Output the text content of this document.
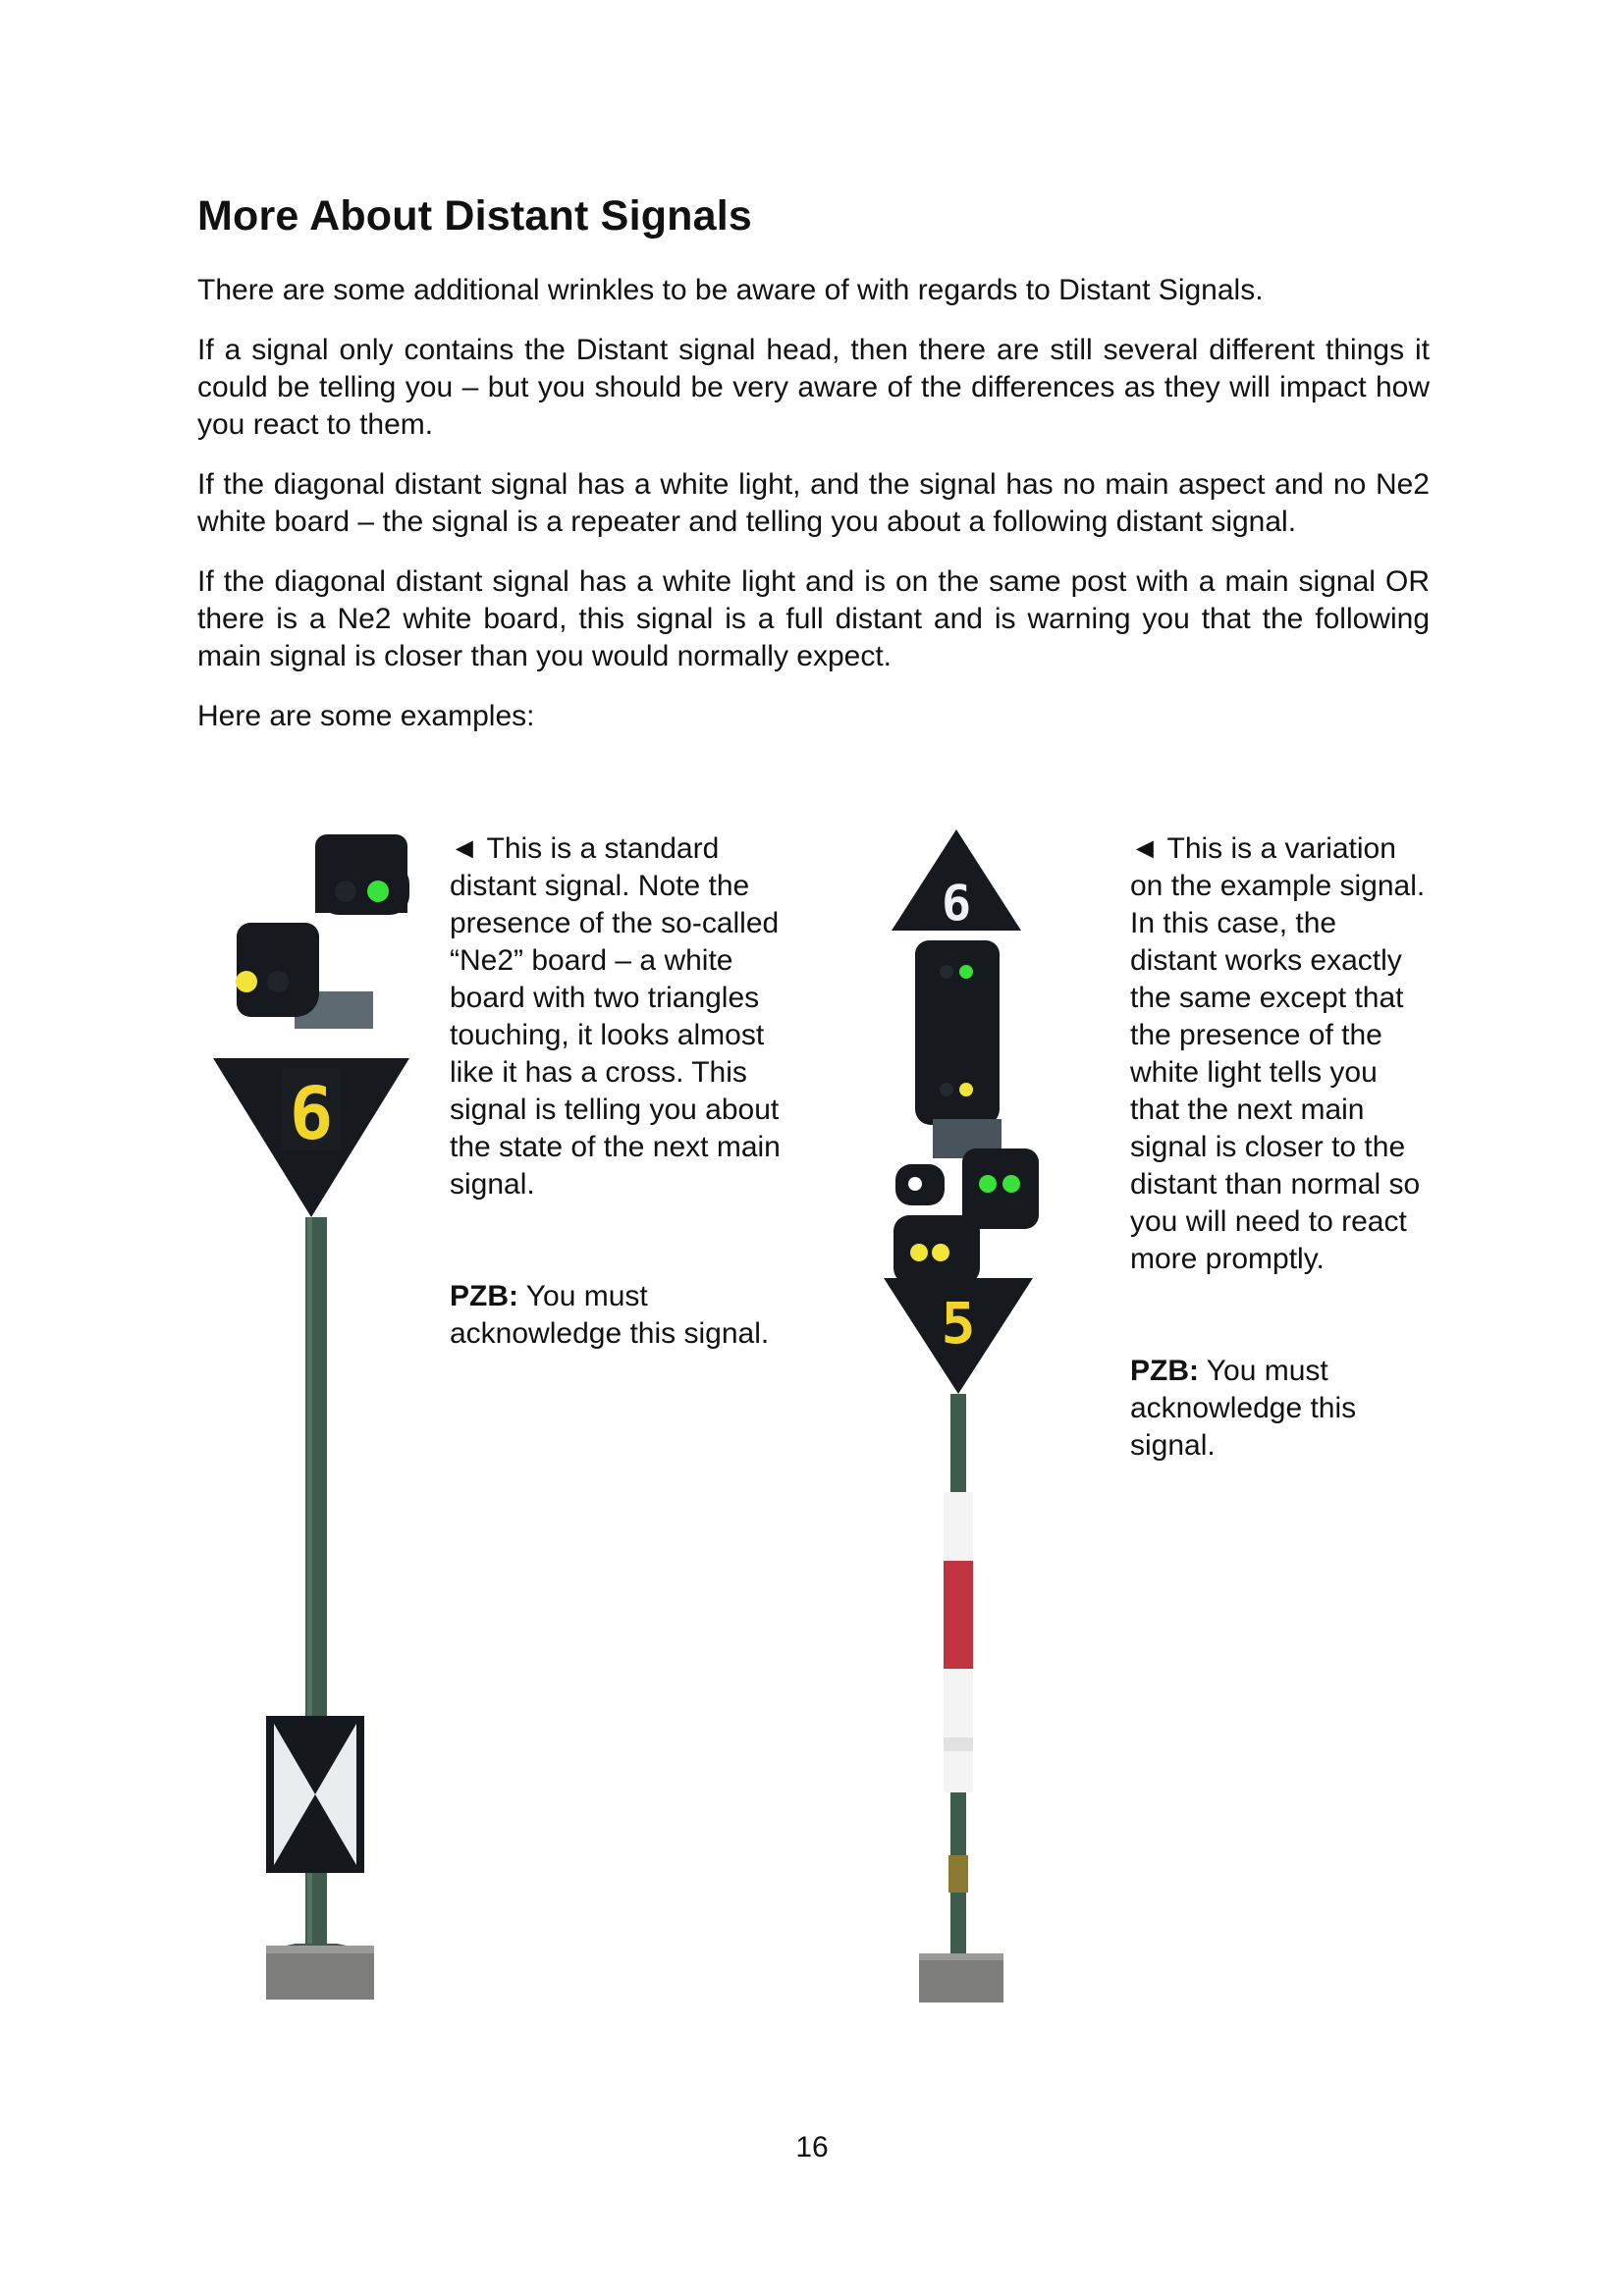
More About Distant Signals

There are some additional wrinkles to be aware of with regards to Distant Signals.

If a signal only contains the Distant signal head, then there are still several different things it could be telling you – but you should be very aware of the differences as they will impact how you react to them.

If the diagonal distant signal has a white light, and the signal has no main aspect and no Ne2 white board – the signal is a repeater and telling you about a following distant signal.

If the diagonal distant signal has a white light and is on the same post with a main signal OR there is a Ne2 white board, this signal is a full distant and is warning you that the following main signal is closer than you would normally expect.

Here are some examples:

6

◄ This is a standard distant signal. Note the presence of the so-called “Ne2” board – a white board with two triangles touching, it looks almost like it has a cross. This signal is telling you about the state of the next main signal.

PZB: You must acknowledge this signal.

6
5

◄ This is a variation on the example signal. In this case, the distant works exactly the same except that the presence of the white light tells you that the next main signal is closer to the distant than normal so you will need to react more promptly.

PZB: You must acknowledge this signal.

16
